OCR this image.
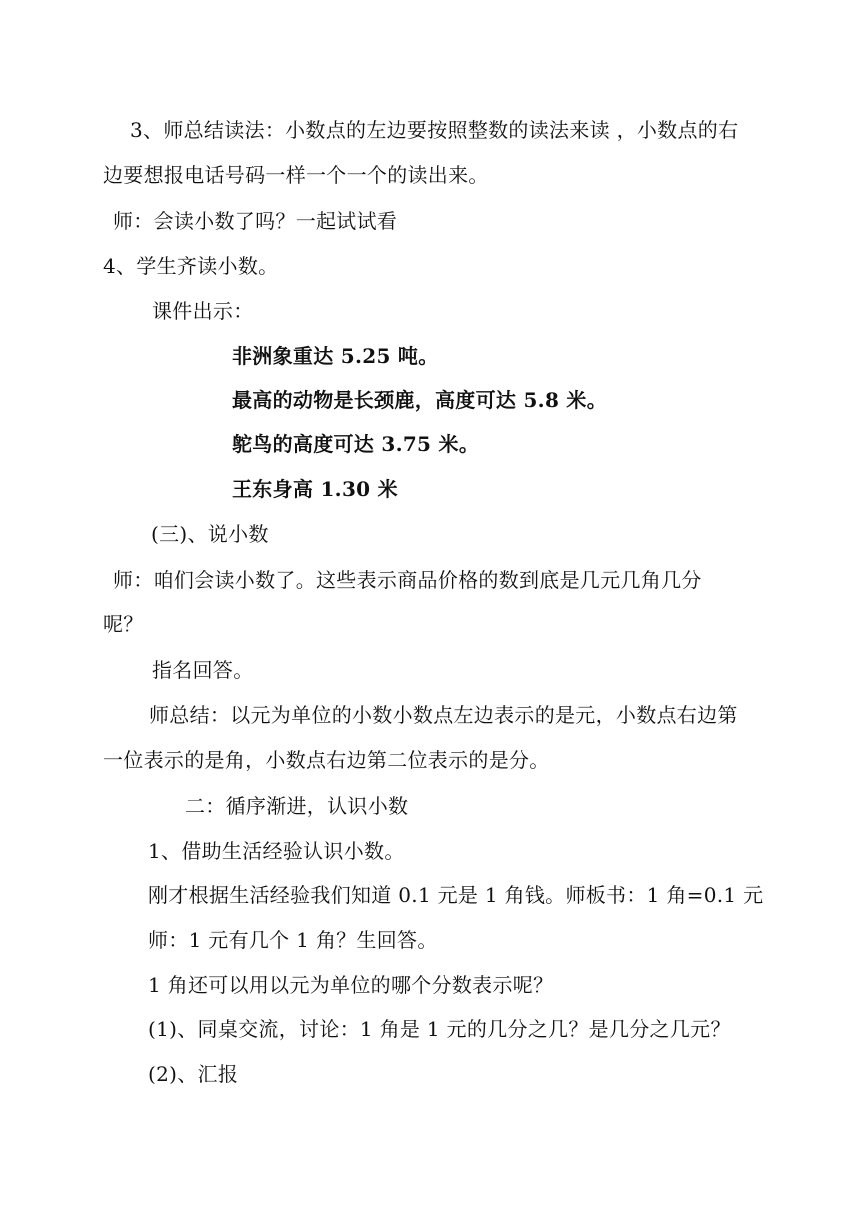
3、师总结读法：小数点的左边要按照整数的读法来读 ，小数点的右
边要想报电话号码一样一个一个的读出来。
师：会读小数了吗？一起试试看
4、学生齐读小数。
课件出示：
非洲象重达 5.25 吨。
最高的动物是长颈鹿，高度可达 5.8 米。
鸵鸟的高度可达 3.75 米。
王东身高 1.30 米
(三)、说小数
师：咱们会读小数了。这些表示商品价格的数到底是几元几角几分
呢？
指名回答。
师总结：以元为单位的小数小数点左边表示的是元，小数点右边第
一位表示的是角，小数点右边第二位表示的是分。
二：循序渐进，认识小数
1、借助生活经验认识小数。
刚才根据生活经验我们知道 0.1 元是 1 角钱。师板书：1 角=0.1 元
师：1 元有几个 1 角？生回答。
1 角还可以用以元为单位的哪个分数表示呢？
(1)、同桌交流，讨论：1 角是 1 元的几分之几？是几分之几元？
(2)、汇报
